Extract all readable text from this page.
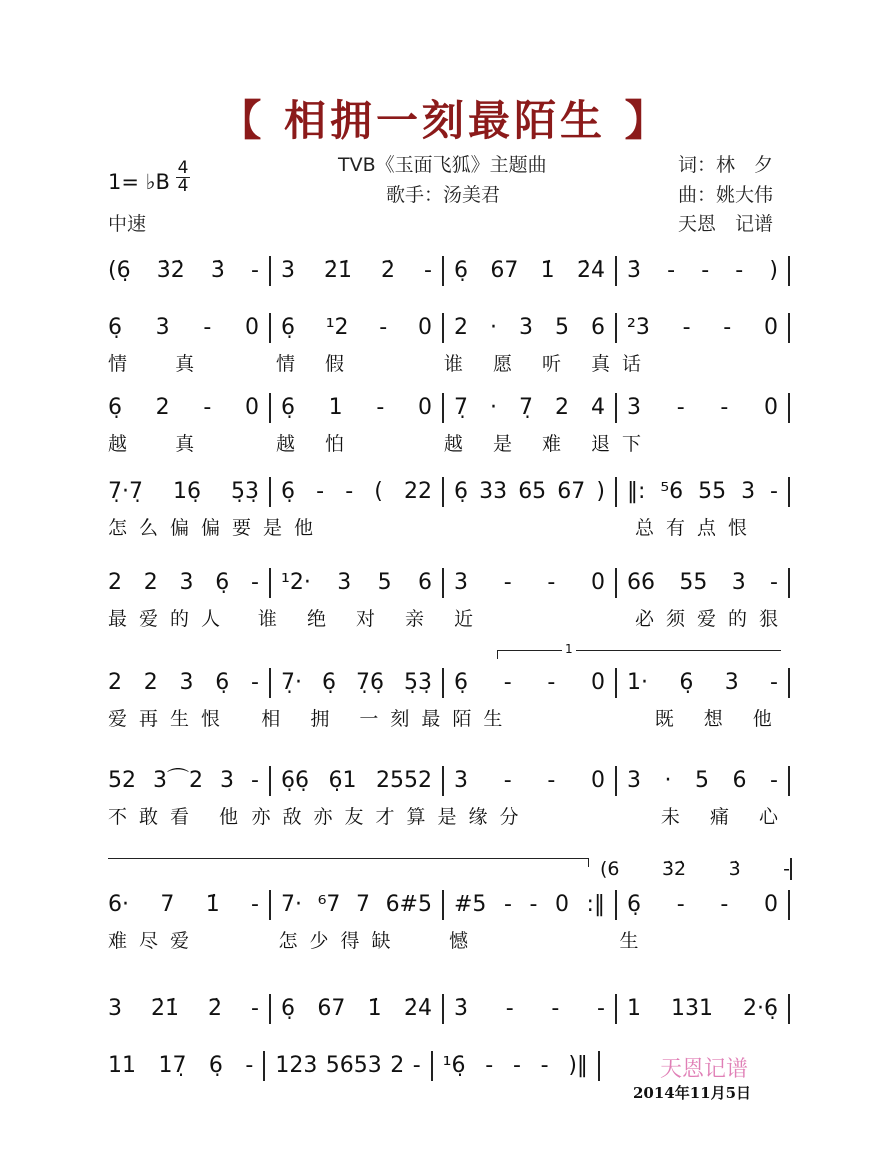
【 相拥一刻最陌生 】
TVB《玉面飞狐》主题曲
歌手：汤美君
词：林　夕
曲：姚大伟
天恩　记谱
1= ♭B
4
4
中速
(6̣ 3̇2̇ 3̇ - 3 2̇1̇ 2̇ - 6̣ 67 1̇ 2̇4̇ 3̇ - - - )
6̣ 3 - 0 6̣ ¹2 - 0 2 · 3 5 6 ²3 - - 0
情  真	情 假	谁 愿 听 真 话
6̣ 2 - 0 6̣ 1 - 0 7̣ · 7̣ 2 4 3 - - 0
越  真	越 怕	越 是 难 退 下
7̣·7̣ 16̣ 5̣3̣ 6̣ - - ( 22 6̣ 33 65 67 ) ‖: ⁵6 55 3 -
怎么偏偏要是他	总有点恨
2 2 3 6̣ - ¹2· 3 5 6 3 - - 0 66 55 3 -
最爱的人	谁 绝 对 亲 近	必须爱的狠
2 2 3 6̣ - 7̣· 6̣ 7̣6̣ 5̣3̣ 6̣ - - 0 1· 6̣ 3 -
爱再生恨	相 拥 一刻最陌 生	既 想 他
52 3⌒2 3 - 6̣6̣ 6̣1 2552 3 - - 0 3 · 5 6 -
不敢看 他 亦敌亦友才算是缘 分	未 痛 心
6· 7 1̇ - 7· ⁶7 7 6#5 #5 - - 0 :‖ 6̣ - - 0
难尽爱	怎少得缺	憾	生
3 2̇1̇ 2̇ - 6̣ 67 1̇ 2̇4̇ 3̇ - - - 1 131 2·6̣
11 17̣ 6̣ - 123 5653 2 - ¹6̣ - - - )‖
1
(6 3̇2̇ 3̇ -
天恩记谱
2014年11月5日
